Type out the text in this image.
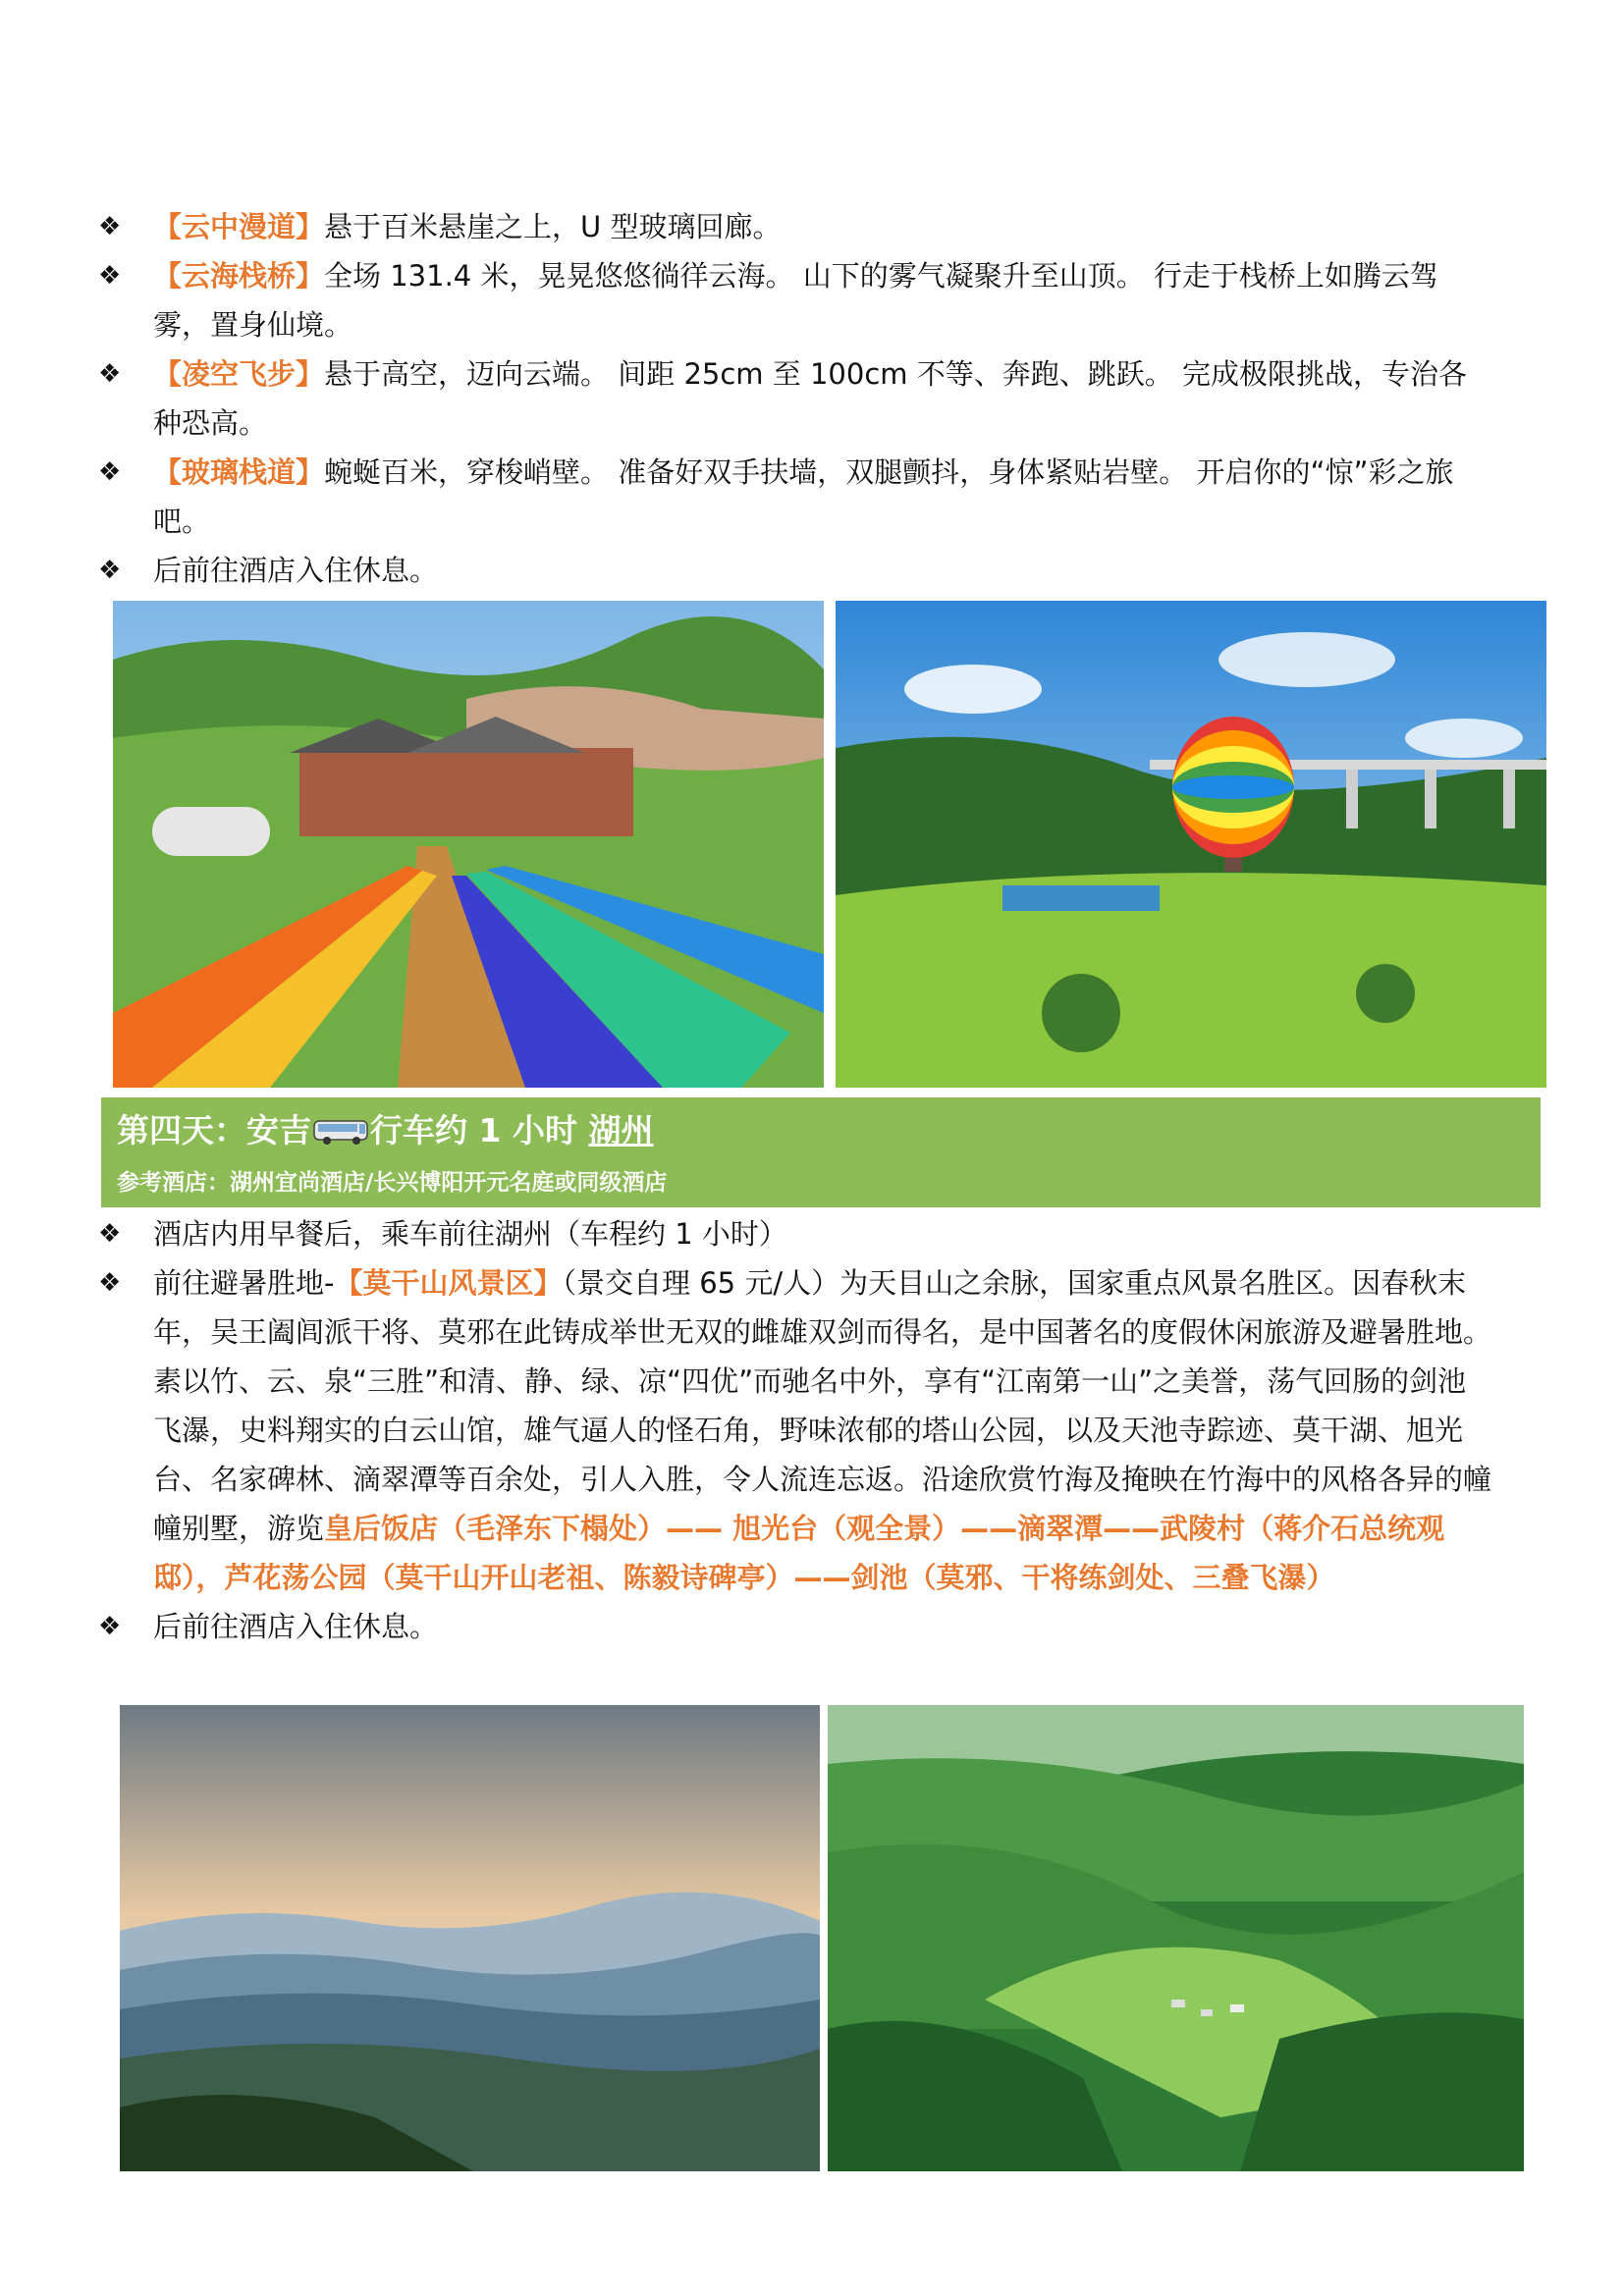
❖	【云中漫道】悬于百米悬崖之上，U 型玻璃回廊。
❖	【云海栈桥】全场 131.4 米，晃晃悠悠徜徉云海。 山下的雾气凝聚升至山顶。 行走于栈桥上如腾云驾雾，置身仙境。
❖	【凌空飞步】悬于高空，迈向云端。 间距 25cm 至 100cm 不等、奔跑、跳跃。 完成极限挑战，专治各种恐高。
❖	【玻璃栈道】蜿蜒百米，穿梭峭壁。 准备好双手扶墙，双腿颤抖，身体紧贴岩壁。 开启你的“惊”彩之旅吧。
❖	后前往酒店入住休息。
第四天：安吉 行车约 1 小时 湖州
参考酒店：湖州宜尚酒店/长兴博阳开元名庭或同级酒店
❖	酒店内用早餐后，乘车前往湖州（车程约 1 小时）
❖	前往避暑胜地-【莫干山风景区】（景交自理 65 元/人）为天目山之余脉，国家重点风景名胜区。因春秋末年，吴王阖闾派干将、莫邪在此铸成举世无双的雌雄双剑而得名，是中国著名的度假休闲旅游及避暑胜地。素以竹、云、泉“三胜”和清、静、绿、凉“四优”而驰名中外，享有“江南第一山”之美誉，荡气回肠的剑池飞瀑，史料翔实的白云山馆，雄气逼人的怪石角，野味浓郁的塔山公园，以及天池寺踪迹、莫干湖、旭光台、名家碑林、滴翠潭等百余处，引人入胜，令人流连忘返。沿途欣赏竹海及掩映在竹海中的风格各异的幢幢别墅，游览皇后饭店（毛泽东下榻处）—— 旭光台（观全景）——滴翠潭——武陵村（蒋介石总统观邸），芦花荡公园（莫干山开山老祖、陈毅诗碑亭）——剑池（莫邪、干将练剑处、三叠飞瀑）
❖	后前往酒店入住休息。
